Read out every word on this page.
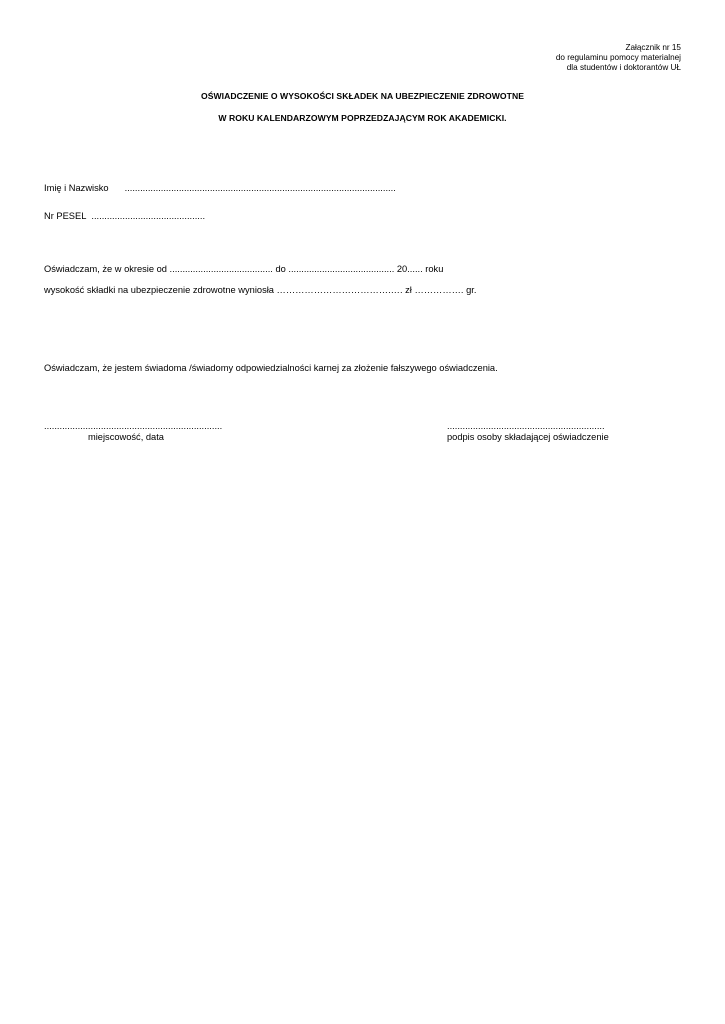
Załącznik nr 15
do regulaminu pomocy materialnej
dla studentów i doktorantów UŁ
OŚWIADCZENIE O WYSOKOŚCI SKŁADEK NA UBEZPIECZENIE ZDROWOTNE
W ROKU KALENDARZOWYM POPRZEDZAJĄCYM ROK AKADEMICKI.
Imię i Nazwisko .........................................................................................................
Nr PESEL ............................................
Oświadczam, że w okresie od ........................................ do ......................................... 20...... roku
wysokość składki na ubezpieczenie zdrowotne wyniosła ……………………………….…. zł ……………. gr.
Oświadczam, że jestem świadoma /świadomy odpowiedzialności karnej za złożenie fałszywego oświadczenia.
.....................................................................
miejscowość, data
.............................................................
podpis osoby składającej oświadczenie
